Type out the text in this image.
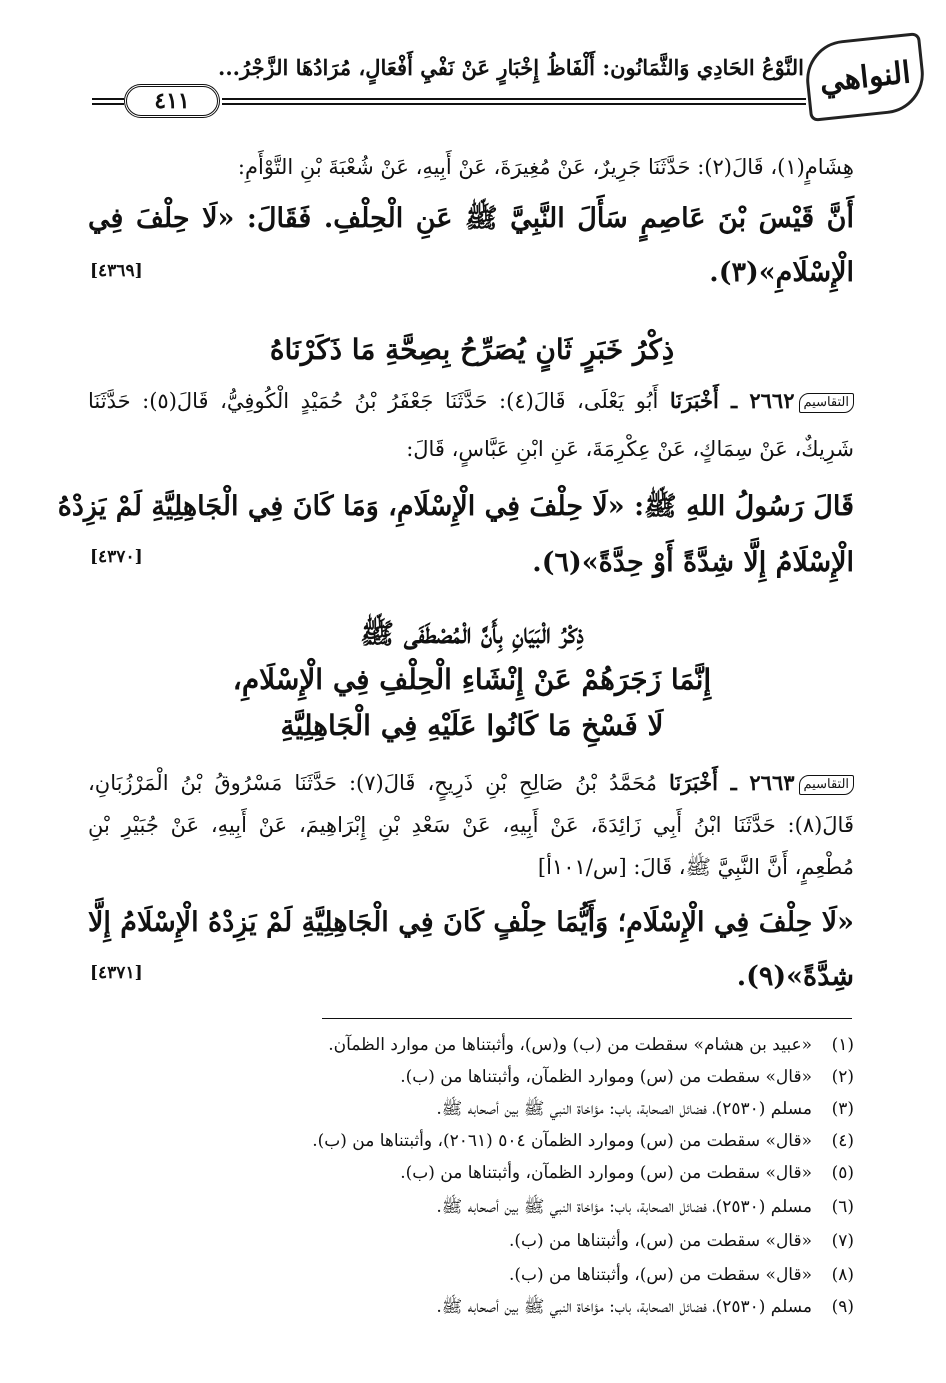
النواهي
النَّوْعُ الحَادِي وَالثَّمَانُون: أَلْفَاظُ إِخْبَارٍ عَنْ نَفْيِ أَفْعَالٍ، مُرَادُهَا الزَّجْرُ...
٤١١
هِشَامٍ(١)، قَالَ(٢): حَدَّثَنَا جَرِيرٌ، عَنْ مُغِيرَةَ، عَنْ أَبِيهِ، عَنْ شُعْبَةَ بْنِ التَّوْأَمِ:
أَنَّ قَيْسَ بْنَ عَاصِمٍ سَأَلَ النَّبِيَّ ﷺ عَنِ الْحِلْفِ. فَقَالَ: «لَا حِلْفَ فِي
الْإِسْلَامِ»(٣).
[٤٣٦٩]
ذِكْرُ خَبَرٍ ثَانٍ يُصَرِّحُ بِصِحَّةِ مَا ذَكَرْنَاهُ
التقاسيم٢٦٦٢ ـ أَخْبَرَنَا أَبُو يَعْلَى، قَالَ(٤): حَدَّثَنَا جَعْفَرُ بْنُ حُمَيْدٍ الْكُوفِيُّ، قَالَ(٥): حَدَّثَنَا
شَرِيكٌ، عَنْ سِمَاكٍ، عَنْ عِكْرِمَةَ، عَنِ ابْنِ عَبَّاسٍ، قَالَ:
قَالَ رَسُولُ اللهِ ﷺ: «لَا حِلْفَ فِي الْإِسْلَامِ، وَمَا كَانَ فِي الْجَاهِلِيَّةِ لَمْ يَزِدْهُ
الْإِسْلَامُ إِلَّا شِدَّةً أَوْ حِدَّةً»(٦).
[٤٣٧٠]
ذِكْرُ الْبَيَانِ بِأَنَّ الْمُصْطَفَى ﷺ
إِنَّمَا زَجَرَهُمْ عَنْ إِنْشَاءِ الْحِلْفِ فِي الْإِسْلَامِ،
لَا فَسْخِ مَا كَانُوا عَلَيْهِ فِي الْجَاهِلِيَّةِ
التقاسيم٢٦٦٣ ـ أَخْبَرَنَا مُحَمَّدُ بْنُ صَالِحِ بْنِ ذَرِيحٍ، قَالَ(٧): حَدَّثَنَا مَسْرُوقُ بْنُ الْمَرْزُبَانِ،
قَالَ(٨): حَدَّثَنَا ابْنُ أَبِي زَائِدَةَ، عَنْ أَبِيهِ، عَنْ سَعْدِ بْنِ إِبْرَاهِيمَ، عَنْ أَبِيهِ، عَنْ جُبَيْرِ بْنِ
مُطْعِمٍ، أَنَّ النَّبِيَّ ﷺ، قَالَ: [س/١٠١أ]
«لَا حِلْفَ فِي الْإِسْلَامِ؛ وَأَيُّمَا حِلْفٍ كَانَ فِي الْجَاهِلِيَّةِ لَمْ يَزِدْهُ الْإِسْلَامُ إِلَّا
شِدَّةً»(٩).
[٤٣٧١]
(١)«عبيد بن هشام» سقطت من (ب) و(س)، وأثبتناها من موارد الظمآن.
(٢)«قال» سقطت من (س) وموارد الظمآن، وأثبتناها من (ب).
(٣)مسلم (٢٥٣٠)، فضائل الصحابة، باب: مؤاخاة النبي ﷺ بين أصحابه ﷺ.
(٤)«قال» سقطت من (س) وموارد الظمآن ٥٠٤ (٢٠٦١)، وأثبتناها من (ب).
(٥)«قال» سقطت من (س) وموارد الظمآن، وأثبتناها من (ب).
(٦)مسلم (٢٥٣٠)، فضائل الصحابة، باب: مؤاخاة النبي ﷺ بين أصحابه ﷺ.
(٧)«قال» سقطت من (س)، وأثبتناها من (ب).
(٨)«قال» سقطت من (س)، وأثبتناها من (ب).
(٩)مسلم (٢٥٣٠)، فضائل الصحابة، باب: مؤاخاة النبي ﷺ بين أصحابه ﷺ.
